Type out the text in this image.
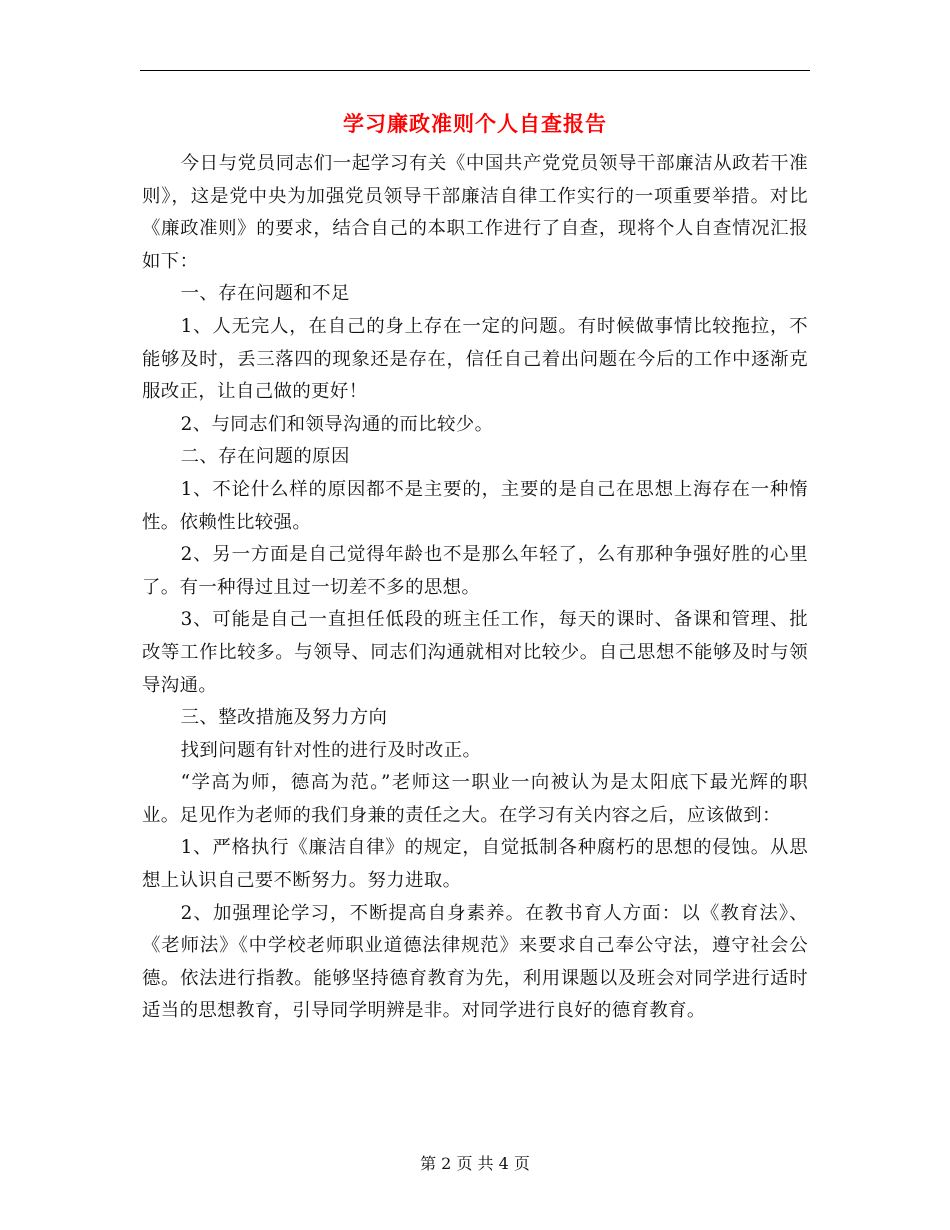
学习廉政准则个人自查报告

今日与党员同志们一起学习有关《中国共产党党员领导干部廉洁从政若干准则》，这是党中央为加强党员领导干部廉洁自律工作实行的一项重要举措。对比《廉政准则》的要求，结合自己的本职工作进行了自查，现将个人自查情况汇报如下：

一、存在问题和不足

1、人无完人，在自己的身上存在一定的问题。有时候做事情比较拖拉，不能够及时，丢三落四的现象还是存在，信任自己着出问题在今后的工作中逐渐克服改正，让自己做的更好！

2、与同志们和领导沟通的而比较少。

二、存在问题的原因

1、不论什么样的原因都不是主要的，主要的是自己在思想上海存在一种惰性。依赖性比较强。

2、另一方面是自己觉得年龄也不是那么年轻了，么有那种争强好胜的心里了。有一种得过且过一切差不多的思想。

3、可能是自己一直担任低段的班主任工作，每天的课时、备课和管理、批改等工作比较多。与领导、同志们沟通就相对比较少。自己思想不能够及时与领导沟通。

三、整改措施及努力方向

找到问题有针对性的进行及时改正。

“学高为师，德高为范。”老师这一职业一向被认为是太阳底下最光辉的职业。足见作为老师的我们身兼的责任之大。在学习有关内容之后，应该做到：

1、严格执行《廉洁自律》的规定，自觉抵制各种腐朽的思想的侵蚀。从思想上认识自己要不断努力。努力进取。

2、加强理论学习，不断提高自身素养。在教书育人方面：以《教育法》、《老师法》《中学校老师职业道德法律规范》来要求自己奉公守法，遵守社会公德。依法进行指教。能够坚持德育教育为先，利用课题以及班会对同学进行适时适当的思想教育，引导同学明辨是非。对同学进行良好的德育教育。

第 2 页 共 4 页
